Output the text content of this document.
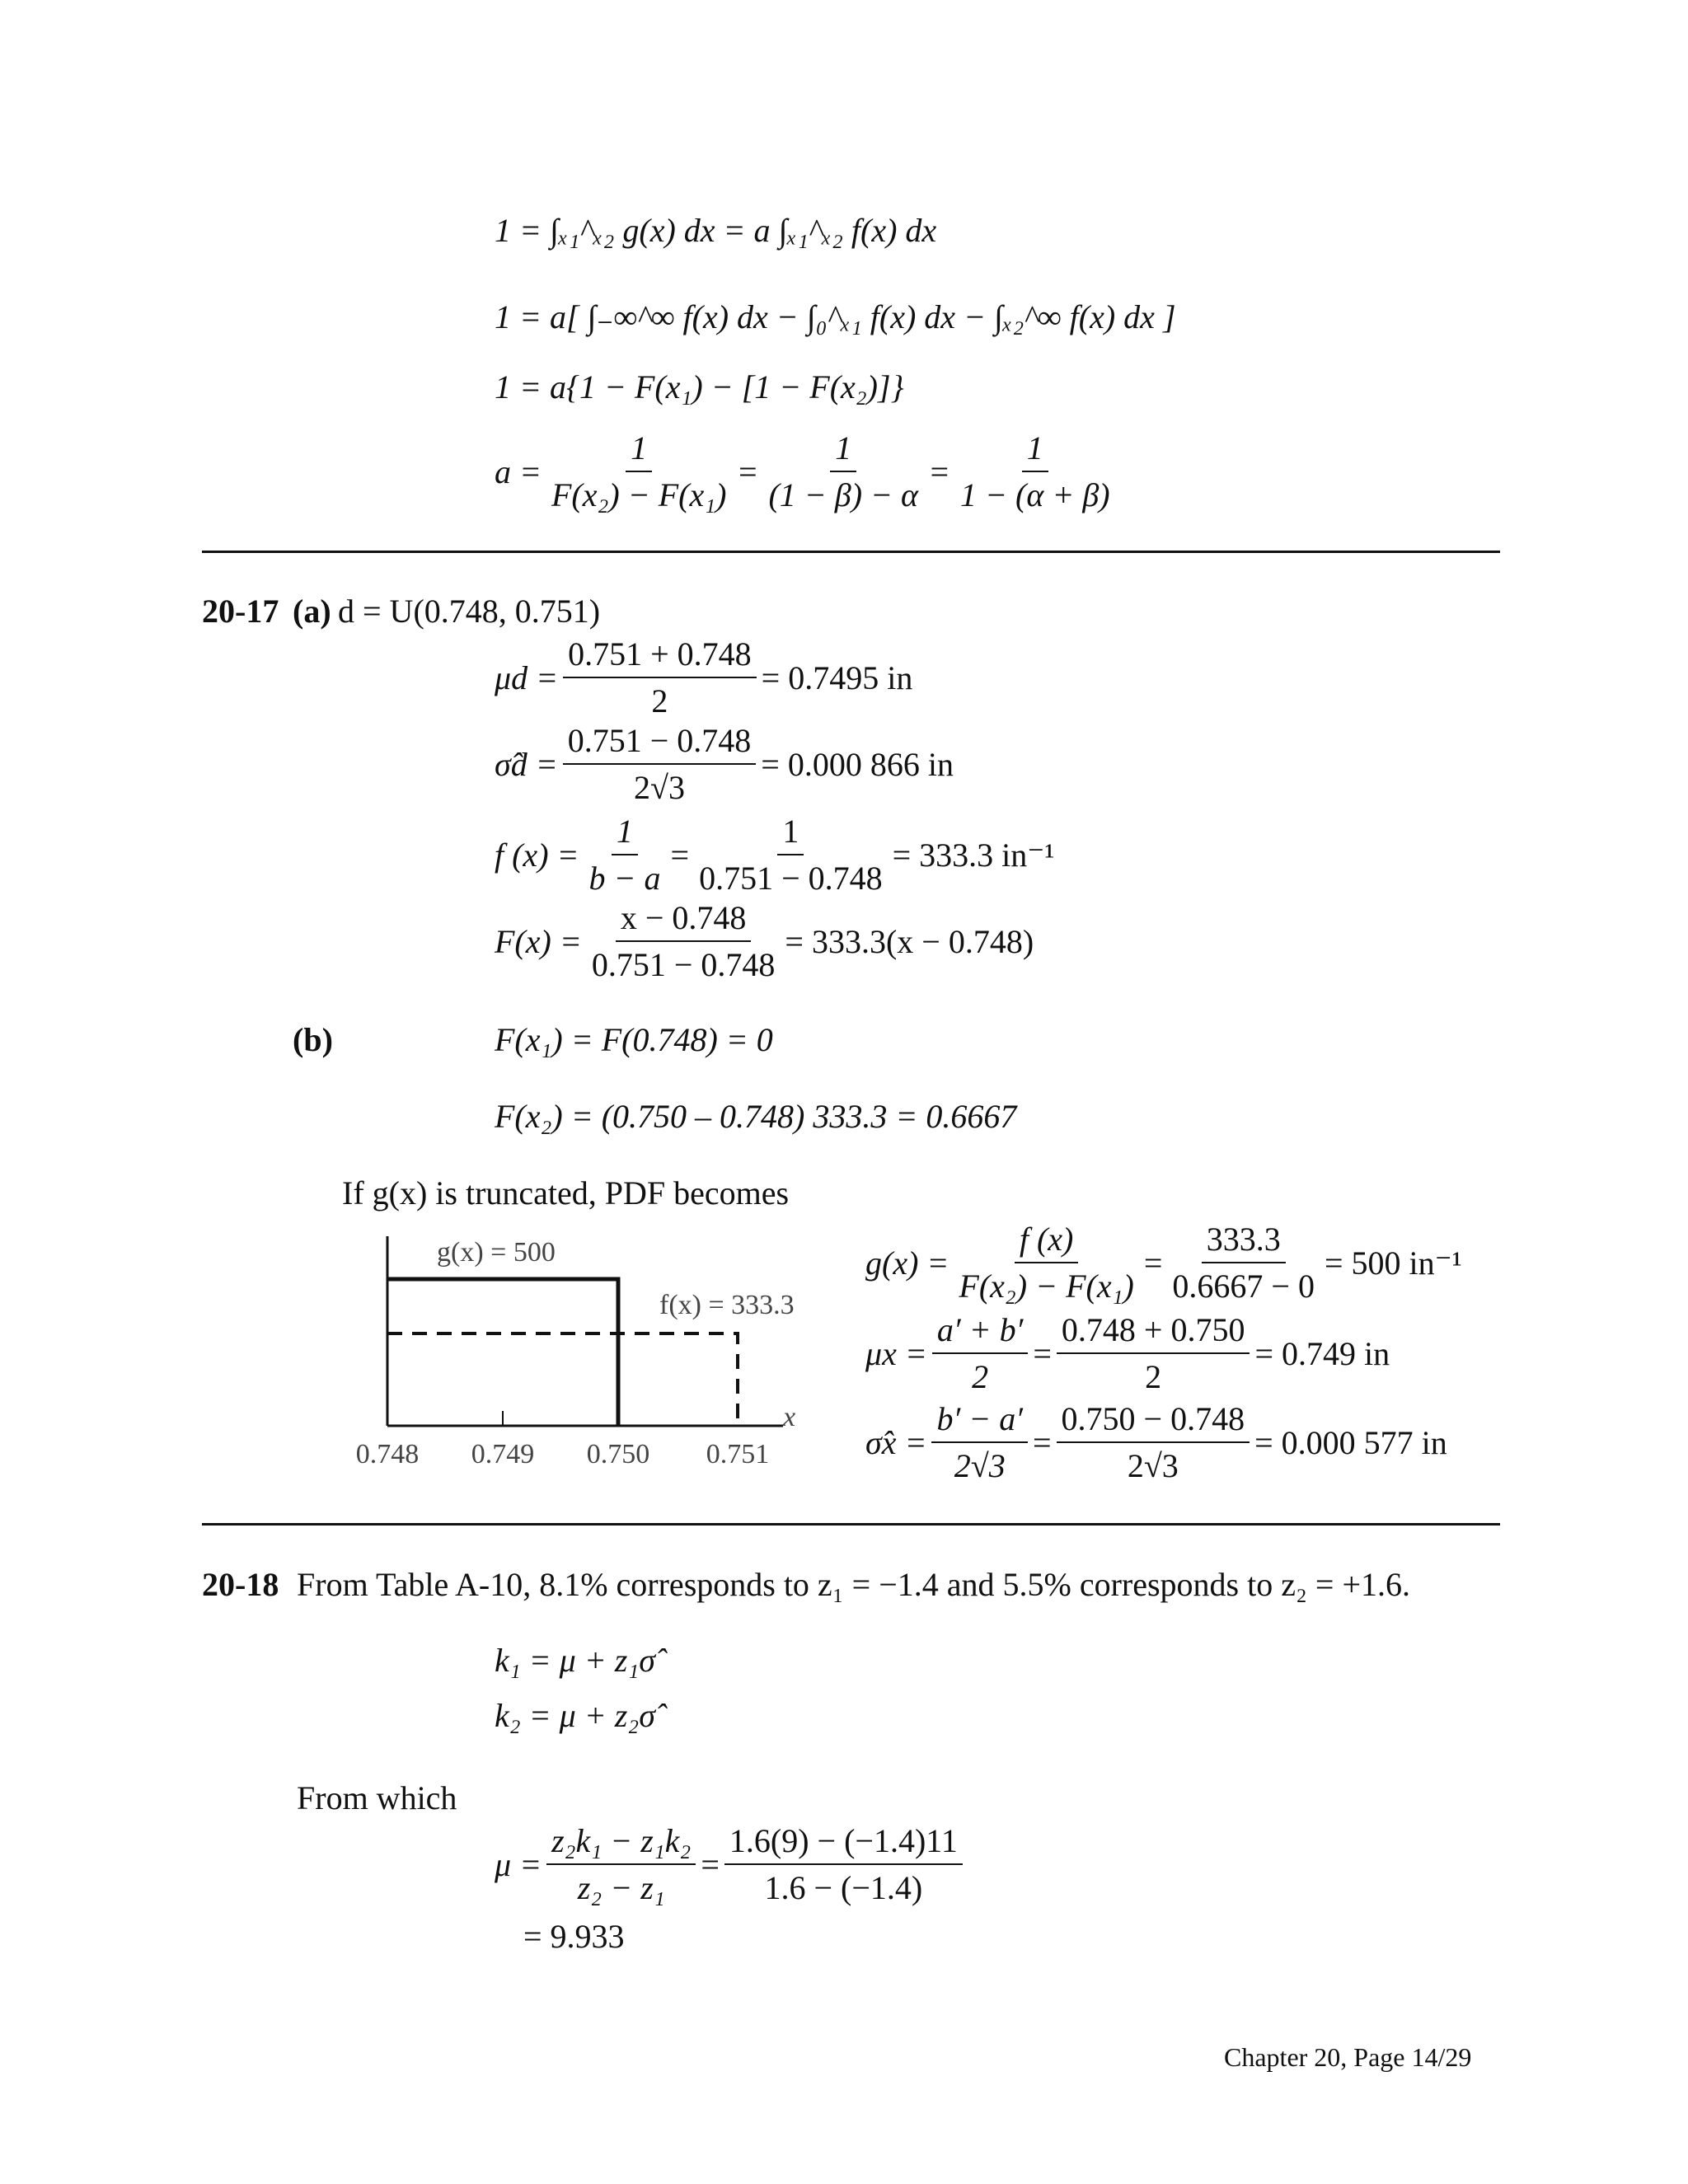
1 = ∫ₓ₁^ₓ₂ g(x) dx = a ∫ₓ₁^ₓ₂ f(x) dx
1 = a[ ∫₋∞^∞ f(x) dx − ∫₀^ₓ₁ f(x) dx − ∫ₓ₂^∞ f(x) dx ]
1 = a{1 − F(x₁) − [1 − F(x₂)]}
$a = \frac{1}{\text{F(x₂) − F(x₁)}} = \frac{1}{(1 - \beta) - \alpha} = \frac{1}{1 - (\alpha + \beta)}$
20-17 (a) d = U(0.748, 0.751)
$\mu d = \frac{0.751 + 0.748}{2} = 0.7495$ in
σ̂d = $\frac{0.751 - 0.748}{2√3} = 0.000$ 866 in
f $(x) = \frac{1}{b - a} = \frac{1}{0.751 - 0.748} = 333.3$ in⁻¹
$F(x) = \frac{x - 0.748}{0.751 - 0.748} = 333.3(x - 0.748)$
(b)	F(x₁) = F(0.748) = 0
F(x₂) = (0.750 – 0.748) 333.3 = 0.6667
If g(x) is truncated, PDF becomes
g(x) = 500
f(x) = 333.3
x
0.748 0.749 0.750 0.751
$g(x) = \frac{f (x)}{\text{F(x₂) − F(x₁)}} = \frac{333.3}{0.6667 - 0} = 500$ in⁻¹
$\mu x = \frac{a' + b'}{2} = \frac{0.748 + 0.750}{2} = 0.749$ in
σ̂x = $\frac{b' - a'}{2√3} = \frac{0.750 - 0.748}{2√3} = 0.000$ 577 in
20-18 From Table A-10, 8.1% corresponds to z₁ = −1.4 and 5.5% corresponds to z₂ = +1.6.
k₁ = μ + z₁σ̂
k₂ = μ + z₂σ̂
From which
$\mu = \frac{\text{z₂k₁ − z₁k₂}}{\text{z₂ − z₁}} = \frac{1.6(9) - (-1.4)11}{1.6 - (-1.4)}$
= 9.933
Chapter 20, Page 14/29
